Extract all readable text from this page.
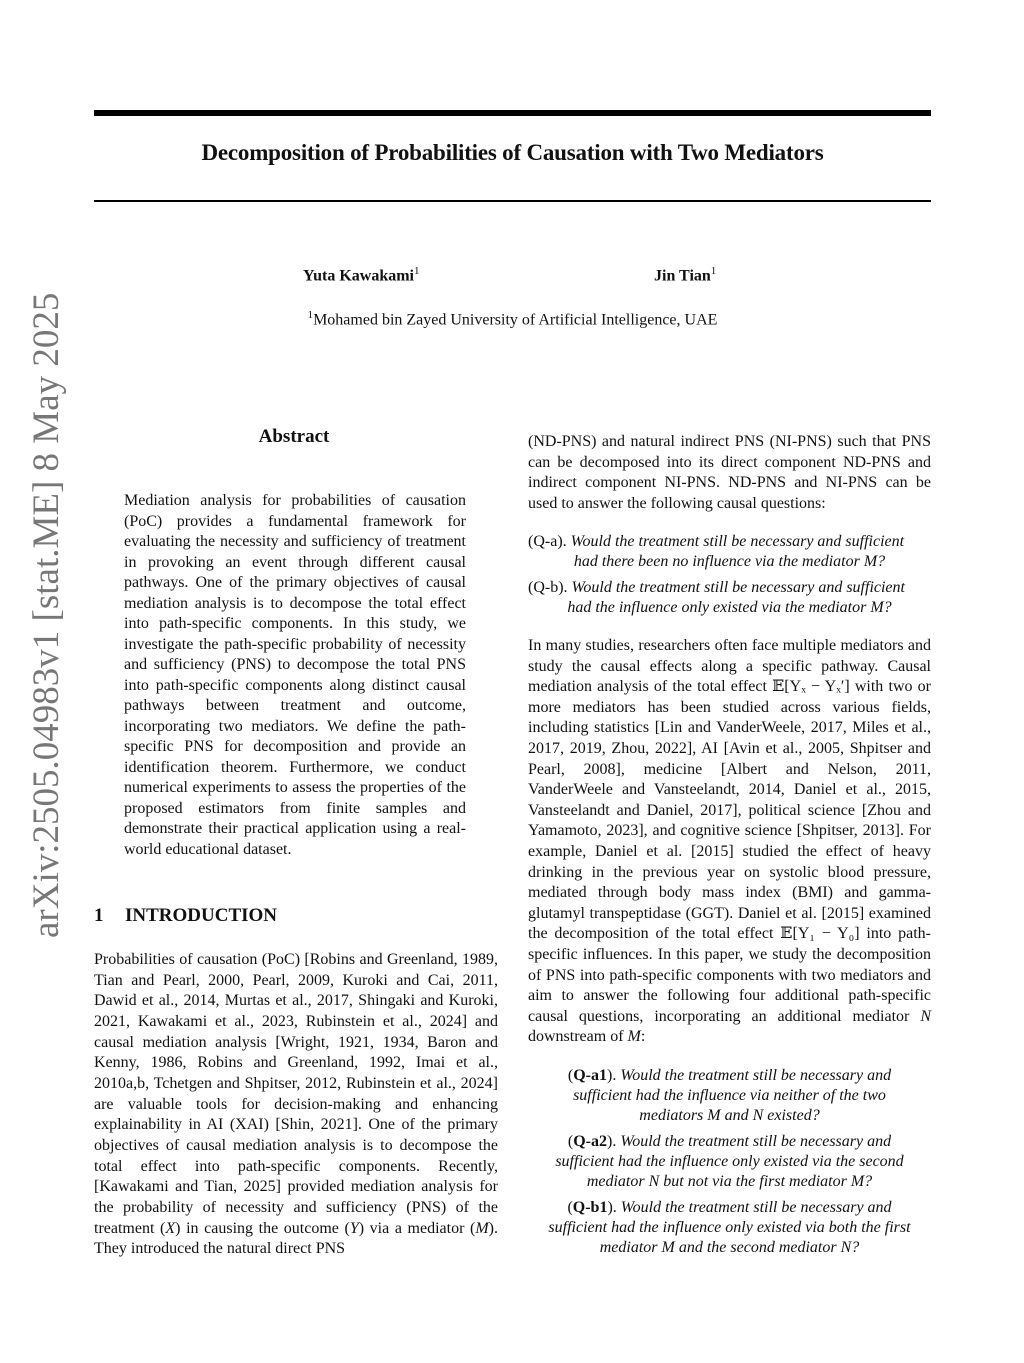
Decomposition of Probabilities of Causation with Two Mediators
Yuta Kawakami$^1$	Jin Tian$^1$
$^1$Mohamed bin Zayed University of Artificial Intelligence, UAE
arXiv:2505.04983v1 [stat.ME] 8 May 2025	Abstract

Mediation analysis for probabilities of causation (PoC) provides a fundamental framework for evaluating the necessity and sufficiency of treatment in provoking an event through different causal pathways. One of the primary objectives of causal mediation analysis is to decompose the total effect into path-specific components. In this study, we investigate the path-specific probability of necessity and sufficiency (PNS) to decompose the total PNS into path-specific components along distinct causal pathways between treatment and outcome, incorporating two mediators. We define the path-specific PNS for decomposition and provide an identification theorem. Furthermore, we conduct numerical experiments to assess the properties of the proposed estimators from finite samples and demonstrate their practical application using a real-world educational dataset.

1 INTRODUCTION

Probabilities of causation (PoC) [Robins and Greenland, 1989, Tian and Pearl, 2000, Pearl, 2009, Kuroki and Cai, 2011, Dawid et al., 2014, Murtas et al., 2017, Shingaki and Kuroki, 2021, Kawakami et al., 2023, Rubinstein et al., 2024] and causal mediation analysis [Wright, 1921, 1934, Baron and Kenny, 1986, Robins and Greenland, 1992, Imai et al., 2010a,b, Tchetgen and Shpitser, 2012, Rubinstein et al., 2024] are valuable tools for decision-making and enhancing explainability in AI (XAI) [Shin, 2021]. One of the primary objectives of causal mediation analysis is to decompose the total effect into path-specific components. Recently, [Kawakami and Tian, 2025] provided mediation analysis for the probability of necessity and sufficiency (PNS) of the treatment (X) in causing the outcome (Y) via a mediator (M). They introduced the natural direct PNS

(ND-PNS) and natural indirect PNS (NI-PNS) such that PNS can be decomposed into its direct component ND-PNS and indirect component NI-PNS. ND-PNS and NI-PNS can be used to answer the following causal questions:

(Q-a). Would the treatment still be necessary and sufficient
had there been no influence via the mediator M?
(Q-b). Would the treatment still be necessary and sufficient
had the influence only existed via the mediator M?

In many studies, researchers often face multiple mediators and study the causal effects along a specific pathway. Causal mediation analysis of the total effect 𝔼[Yₓ − Yₓ′] with two or more mediators has been studied across various fields, including statistics [Lin and VanderWeele, 2017, Miles et al., 2017, 2019, Zhou, 2022], AI [Avin et al., 2005, Shpitser and Pearl, 2008], medicine [Albert and Nelson, 2011, VanderWeele and Vansteelandt, 2014, Daniel et al., 2015, Vansteelandt and Daniel, 2017], political science [Zhou and Yamamoto, 2023], and cognitive science [Shpitser, 2013]. For example, Daniel et al. [2015] studied the effect of heavy drinking in the previous year on systolic blood pressure, mediated through body mass index (BMI) and gamma-glutamyl transpeptidase (GGT). Daniel et al. [2015] examined the decomposition of the total effect 𝔼[Y₁ − Y₀] into path-specific influences. In this paper, we study the decomposition of PNS into path-specific components with two mediators and aim to answer the following four additional path-specific causal questions, incorporating an additional mediator N downstream of M:

(Q-a1). Would the treatment still be necessary and
sufficient had the influence via neither of the two
mediators M and N existed?
(Q-a2). Would the treatment still be necessary and
sufficient had the influence only existed via the second
mediator N but not via the first mediator M?
(Q-b1). Would the treatment still be necessary and
sufficient had the influence only existed via both the first
mediator M and the second mediator N?
